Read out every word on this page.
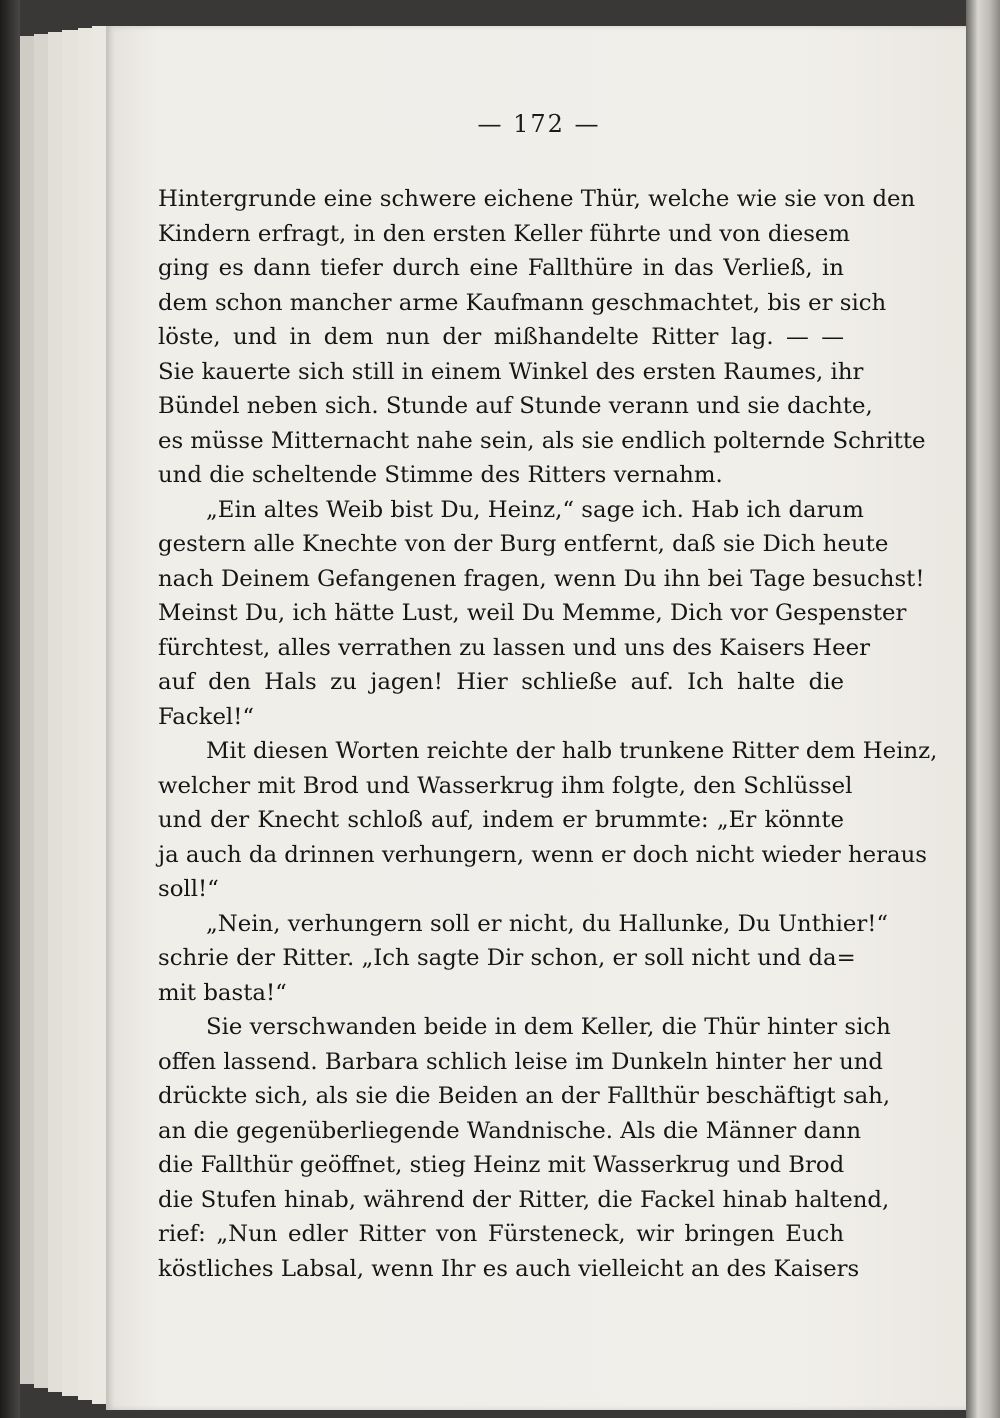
— 172 —

Hintergrunde eine schwere eichene Thür, welche wie sie von den
Kindern erfragt, in den ersten Keller führte und von diesem
ging es dann tiefer durch eine Fallthüre in das Verließ, in
dem schon mancher arme Kaufmann geschmachtet, bis er sich
löste, und in dem nun der mißhandelte Ritter lag. — —
Sie kauerte sich still in einem Winkel des ersten Raumes, ihr
Bündel neben sich. Stunde auf Stunde verann und sie dachte,
es müsse Mitternacht nahe sein, als sie endlich polternde Schritte
und die scheltende Stimme des Ritters vernahm.

„Ein altes Weib bist Du, Heinz,“ sage ich. Hab ich darum
gestern alle Knechte von der Burg entfernt, daß sie Dich heute
nach Deinem Gefangenen fragen, wenn Du ihn bei Tage besuchst!
Meinst Du, ich hätte Lust, weil Du Memme, Dich vor Gespenster
fürchtest, alles verrathen zu lassen und uns des Kaisers Heer
auf den Hals zu jagen! Hier schließe auf. Ich halte die
Fackel!“

Mit diesen Worten reichte der halb trunkene Ritter dem Heinz,
welcher mit Brod und Wasserkrug ihm folgte, den Schlüssel
und der Knecht schloß auf, indem er brummte: „Er könnte
ja auch da drinnen verhungern, wenn er doch nicht wieder heraus
soll!“

„Nein, verhungern soll er nicht, du Hallunke, Du Unthier!“
schrie der Ritter. „Ich sagte Dir schon, er soll nicht und da=
mit basta!“

Sie verschwanden beide in dem Keller, die Thür hinter sich
offen lassend. Barbara schlich leise im Dunkeln hinter her und
drückte sich, als sie die Beiden an der Fallthür beschäftigt sah,
an die gegenüberliegende Wandnische. Als die Männer dann
die Fallthür geöffnet, stieg Heinz mit Wasserkrug und Brod
die Stufen hinab, während der Ritter, die Fackel hinab haltend,
rief: „Nun edler Ritter von Fürsteneck, wir bringen Euch
köstliches Labsal, wenn Ihr es auch vielleicht an des Kaisers
